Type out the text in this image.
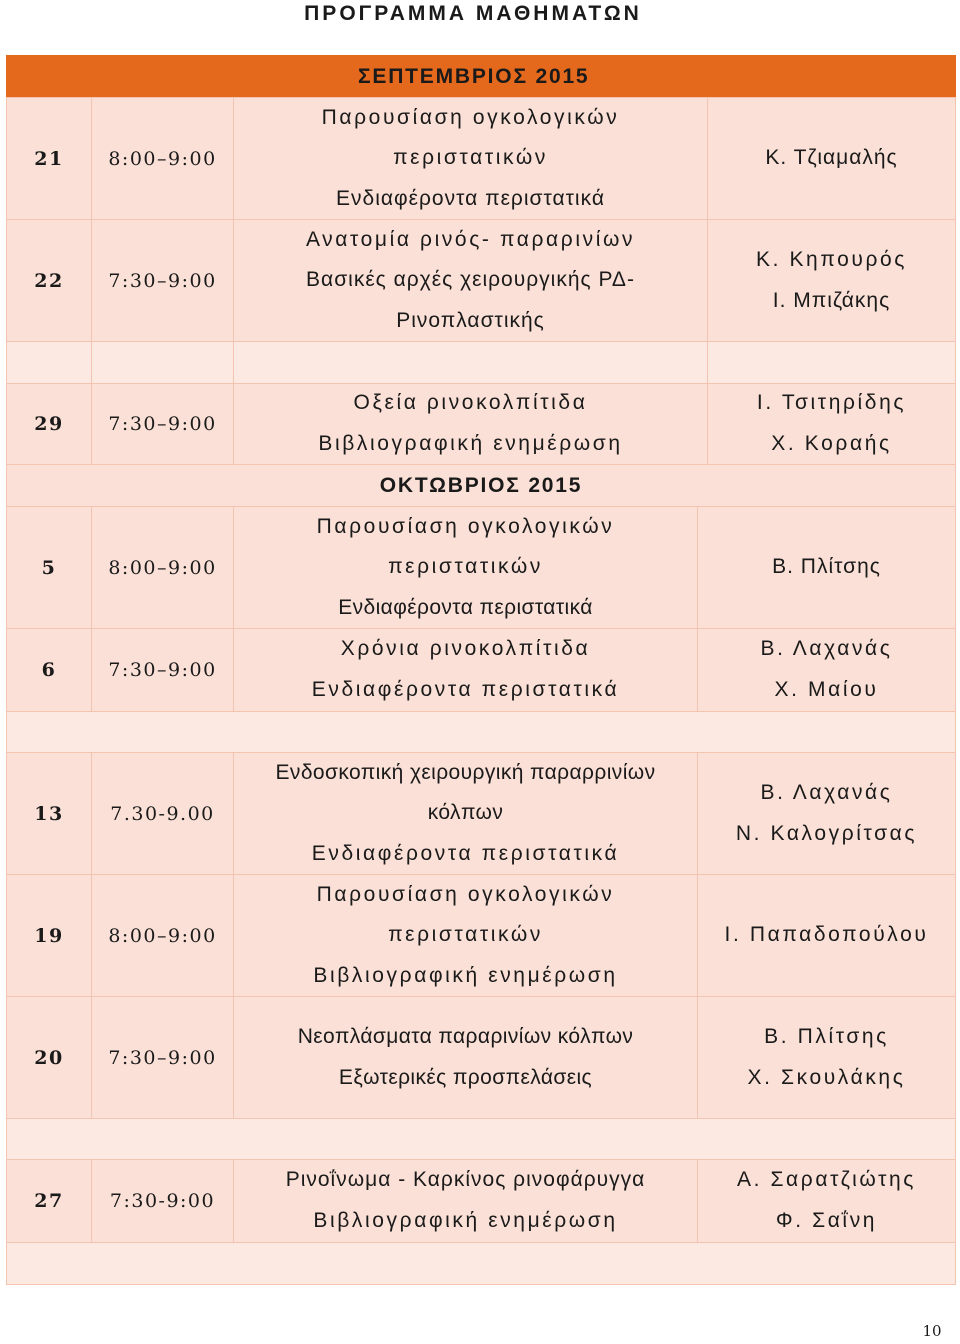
ΠΡΟΓΡΑΜΜΑ ΜΑΘΗΜΑΤΩΝ
ΣΕΠΤΕΜΒΡΙΟΣ 2015
21 8:00–9:00
Παρουσίαση ογκολογικών
περιστατικών
Ενδιαφέροντα περιστατικά
Κ. Τζιαμαλής
22 7:30–9:00
Ανατομία ρινός- παραρινίων
Βασικές αρχές χειρουργικής ΡΔ-
Ρινοπλαστικής
Κ. Κηπουρός
Ι. Μπιζάκης
29 7:30–9:00
Οξεία ρινοκολπίτιδα
Βιβλιογραφική ενημέρωση
Ι. Τσιτηρίδης
Χ. Κοραής
ΟΚΤΩΒΡΙΟΣ 2015
5	8:00–9:00
Παρουσίαση ογκολογικών
περιστατικών
Ενδιαφέροντα περιστατικά
Β. Πλίτσης
6	7:30–9:00
Χρόνια ρινοκολπίτιδα
Ενδιαφέροντα περιστατικά
Β. Λαχανάς
Χ. Μαίου
13 7.30-9.00
Ενδοσκοπική χειρουργική παραρρινίων
κόλπων
Ενδιαφέροντα περιστατικά
Β. Λαχανάς
Ν. Καλογρίτσας
19 8:00–9:00
Παρουσίαση ογκολογικών
περιστατικών
Βιβλιογραφική ενημέρωση
Ι. Παπαδοπούλου
20 7:30–9:00
Νεοπλάσματα παραρινίων κόλπων
Εξωτερικές προσπελάσεις
Β. Πλίτσης
Χ. Σκουλάκης
27 7:30-9:00
Ρινοΐνωμα - Καρκίνος ρινοφάρυγγα
Βιβλιογραφική ενημέρωση
Α. Σαρατζιώτης
Φ. Σαΐνη
10
